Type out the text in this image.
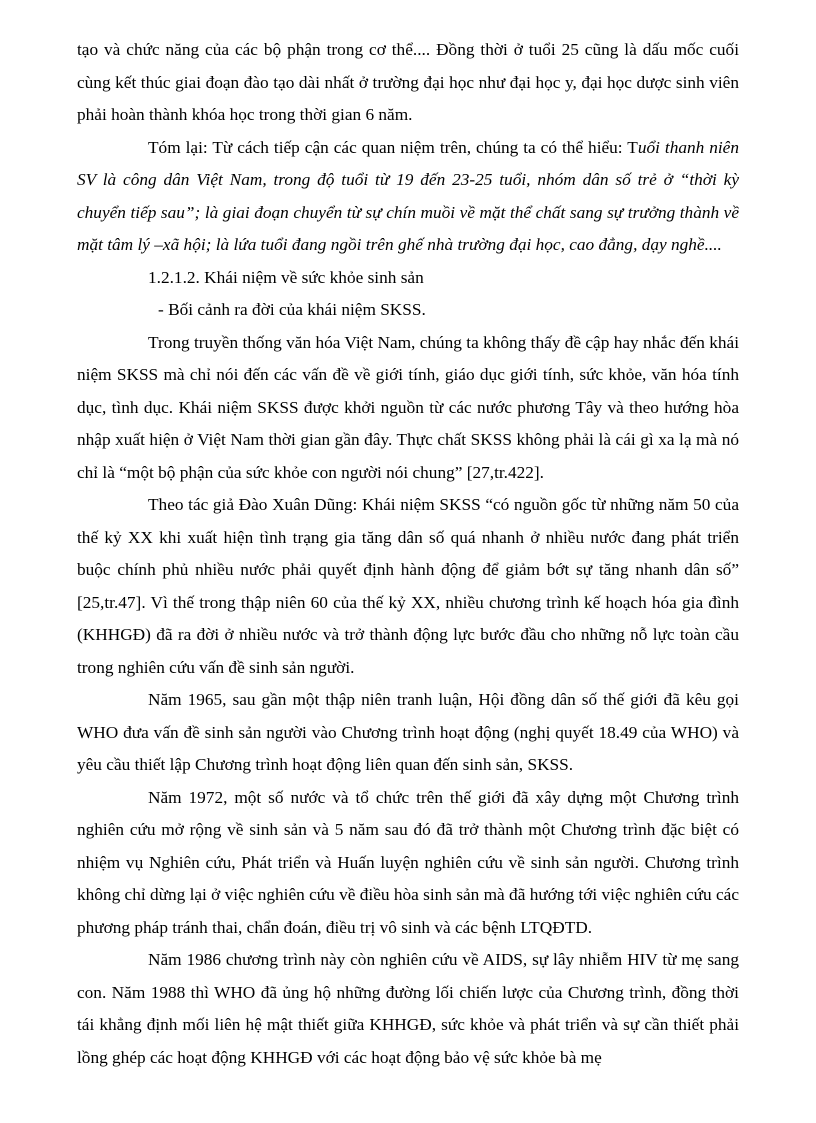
tạo và chức năng của các bộ phận trong cơ thể.... Đồng thời ở tuổi 25 cũng là dấu mốc cuối cùng kết thúc giai đoạn đào tạo dài nhất ở trường đại học như đại học y, đại học dược sinh viên phải hoàn thành khóa học trong thời gian 6 năm.

Tóm lại: Từ cách tiếp cận các quan niệm trên, chúng ta có thể hiểu: Tuổi thanh niên SV là công dân Việt Nam, trong độ tuổi từ 19 đến 23-25 tuổi, nhóm dân số trẻ ở “thời kỳ chuyển tiếp sau”; là giai đoạn chuyển từ sự chín muồi về mặt thể chất sang sự trưởng thành về mặt tâm lý –xã hội; là lứa tuổi đang ngồi trên ghế nhà trường đại học, cao đẳng, dạy nghề....

1.2.1.2. Khái niệm về sức khỏe sinh sản

- Bối cảnh ra đời của khái niệm SKSS.

Trong truyền thống văn hóa Việt Nam, chúng ta không thấy đề cập hay nhắc đến khái niệm SKSS mà chỉ nói đến các vấn đề về giới tính, giáo dục giới tính, sức khỏe, văn hóa tính dục, tình dục. Khái niệm SKSS được khởi nguồn từ các nước phương Tây và theo hướng hòa nhập xuất hiện ở Việt Nam thời gian gần đây. Thực chất SKSS không phải là cái gì xa lạ mà nó chỉ là “một bộ phận của sức khỏe con người nói chung” [27,tr.422].

Theo tác giả Đào Xuân Dũng: Khái niệm SKSS “có nguồn gốc từ những năm 50 của thế kỷ XX khi xuất hiện tình trạng gia tăng dân số quá nhanh ở nhiều nước đang phát triển buộc chính phủ nhiều nước phải quyết định hành động để giảm bớt sự tăng nhanh dân số” [25,tr.47]. Vì thế trong thập niên 60 của thế kỷ XX, nhiều chương trình kế hoạch hóa gia đình (KHHGĐ) đã ra đời ở nhiều nước và trở thành động lực bước đầu cho những nỗ lực toàn cầu trong nghiên cứu vấn đề sinh sản người.

Năm 1965, sau gần một thập niên tranh luận, Hội đồng dân số thế giới đã kêu gọi WHO đưa vấn đề sinh sản người vào Chương trình hoạt động (nghị quyết 18.49 của WHO) và yêu cầu thiết lập Chương trình hoạt động liên quan đến sinh sản, SKSS.

Năm 1972, một số nước và tổ chức trên thế giới đã xây dựng một Chương trình nghiên cứu mở rộng về sinh sản và 5 năm sau đó đã trở thành một Chương trình đặc biệt có nhiệm vụ Nghiên cứu, Phát triển và Huấn luyện nghiên cứu về sinh sản người. Chương trình không chỉ dừng lại ở việc nghiên cứu về điều hòa sinh sản mà đã hướng tới việc nghiên cứu các phương pháp tránh thai, chẩn đoán, điều trị vô sinh và các bệnh LTQĐTD.

Năm 1986 chương trình này còn nghiên cứu về AIDS, sự lây nhiễm HIV từ mẹ sang con. Năm 1988 thì WHO đã ủng hộ những đường lối chiến lược của Chương trình, đồng thời tái khẳng định mối liên hệ mật thiết giữa KHHGĐ, sức khỏe và phát triển và sự cần thiết phải lồng ghép các hoạt động KHHGĐ với các hoạt động bảo vệ sức khỏe bà mẹ
